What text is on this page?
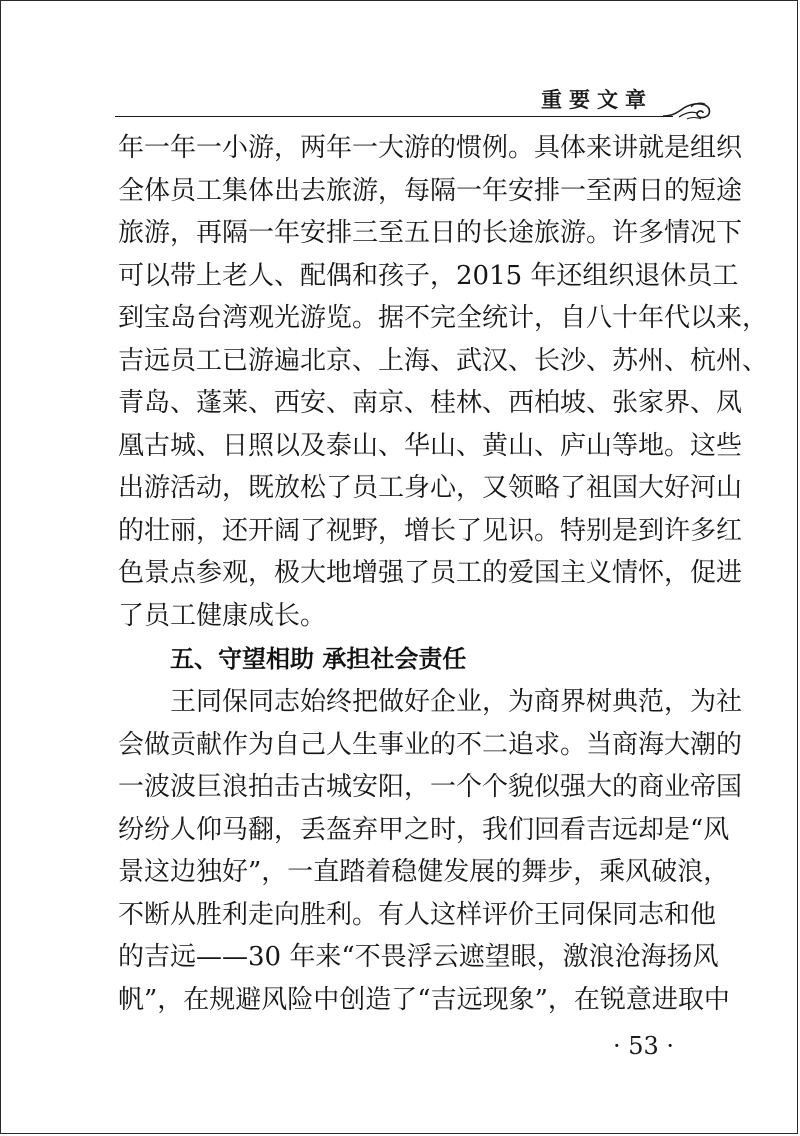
重要文章
年一年一小游，两年一大游的惯例。具体来讲就是组织
全体员工集体出去旅游，每隔一年安排一至两日的短途
旅游，再隔一年安排三至五日的长途旅游。许多情况下
可以带上老人、配偶和孩子，2015 年还组织退休员工
到宝岛台湾观光游览。据不完全统计，自八十年代以来，
吉远员工已游遍北京、上海、武汉、长沙、苏州、杭州、
青岛、蓬莱、西安、南京、桂林、西柏坡、张家界、凤
凰古城、日照以及泰山、华山、黄山、庐山等地。这些
出游活动，既放松了员工身心，又领略了祖国大好河山
的壮丽，还开阔了视野，增长了见识。特别是到许多红
色景点参观，极大地增强了员工的爱国主义情怀，促进
了员工健康成长。
五、守望相助 承担社会责任
王同保同志始终把做好企业，为商界树典范，为社
会做贡献作为自己人生事业的不二追求。当商海大潮的
一波波巨浪拍击古城安阳，一个个貌似强大的商业帝国
纷纷人仰马翻，丢盔弃甲之时，我们回看吉远却是“风
景这边独好”，一直踏着稳健发展的舞步，乘风破浪，
不断从胜利走向胜利。有人这样评价王同保同志和他
的吉远——30 年来“不畏浮云遮望眼，激浪沧海扬风
帆”，在规避风险中创造了“吉远现象”，在锐意进取中
· 53 ·
